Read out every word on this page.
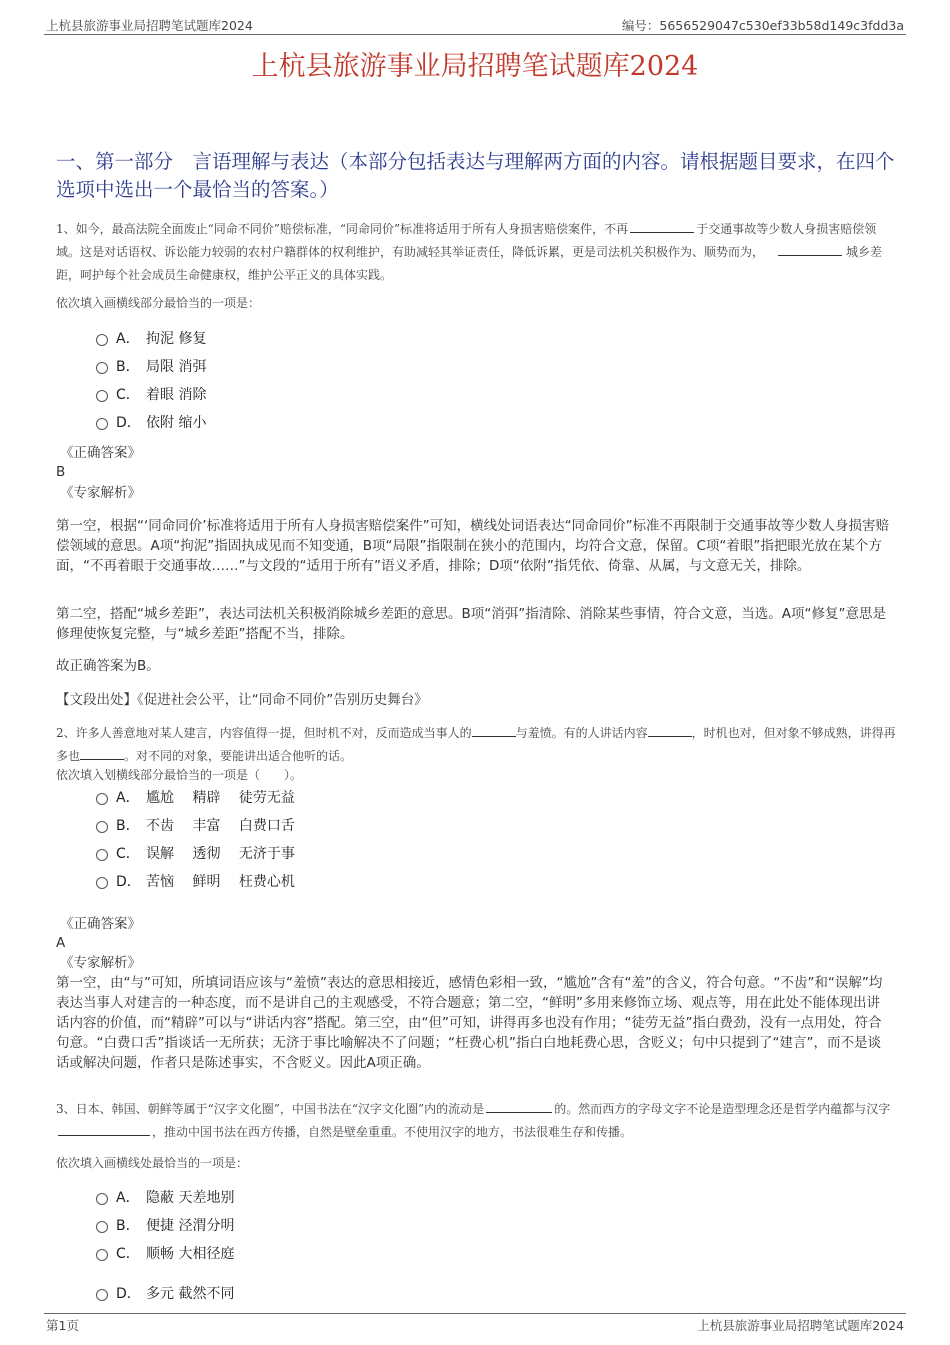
上杭县旅游事业局招聘笔试题库2024	编号：5656529047c530ef33b58d149c3fdd3a
上杭县旅游事业局招聘笔试题库2024
一、第一部分　言语理解与表达（本部分包括表达与理解两方面的内容。请根据题目要求，在四个选项中选出一个最恰当的答案。）
1、如今，最高法院全面废止“同命不同价”赔偿标准，“同命同价”标准将适用于所有人身损害赔偿案件，不再	于交通事故等少数人身损害赔偿领域。这是对话语权、诉讼能力较弱的农村户籍群体的权利维护，有助减轻其举证责任，降低诉累，更是司法机关积极作为、顺势而为，	城乡差距，呵护每个社会成员生命健康权，维护公平正义的具体实践。
依次填入画横线部分最恰当的一项是：
A． 拘泥 修复
B． 局限 消弭
C． 着眼 消除
D． 依附 缩小
《正确答案》
B
《专家解析》
第一空，根据“‘同命同价’标准将适用于所有人身损害赔偿案件”可知，横线处词语表达“同命同价”标准不再限制于交通事故等少数人身损害赔偿领域的意思。A项“拘泥”指固执成见而不知变通，B项“局限”指限制在狭小的范围内，均符合文意，保留。C项“着眼”指把眼光放在某个方面，“不再着眼于交通事故……”与文段的“适用于所有”语义矛盾，排除；D项“依附”指凭依、倚靠、从属，与文意无关，排除。
第二空，搭配“城乡差距”，表达司法机关积极消除城乡差距的意思。B项“消弭”指清除、消除某些事情，符合文意，当选。A项“修复”意思是修理使恢复完整，与“城乡差距”搭配不当，排除。
故正确答案为B。
【文段出处】《促进社会公平，让“同命不同价”告别历史舞台》
2、许多人善意地对某人建言，内容值得一提，但时机不对，反而造成当事人的	与羞愤。有的人讲话内容	，时机也对，但对象不够成熟，讲得再多也	。对不同的对象，要能讲出适合他听的话。
依次填入划横线部分最恰当的一项是（　　）。
A． 尴尬　 精辟　 徒劳无益
B． 不齿　 丰富　 白费口舌
C． 误解　 透彻　 无济于事
D． 苦恼　 鲜明　 枉费心机
《正确答案》
A
《专家解析》
第一空，由“与”可知，所填词语应该与“羞愤”表达的意思相接近，感情色彩相一致，“尴尬”含有“羞”的含义，符合句意。“不齿”和“误解”均表达当事人对建言的一种态度，而不是讲自己的主观感受，不符合题意；第二空，“鲜明”多用来修饰立场、观点等，用在此处不能体现出讲话内容的价值，而“精辟”可以与“讲话内容”搭配。第三空，由“但”可知，讲得再多也没有作用；“徒劳无益”指白费劲，没有一点用处，符合句意。“白费口舌”指谈话一无所获；无济于事比喻解决不了问题；“枉费心机”指白白地耗费心思，含贬义；句中只提到了“建言”，而不是谈话或解决问题，作者只是陈述事实，不含贬义。因此A项正确。
3、日本、韩国、朝鲜等属于“汉字文化圈”，中国书法在“汉字文化圈”内的流动是	的。然而西方的字母文字不论是造型理念还是哲学内蕴都与汉字，推动中国书法在西方传播，自然是壁垒重重。不使用汉字的地方，书法很难生存和传播。
依次填入画横线处最恰当的一项是：
A． 隐蔽 天差地别
B． 便捷 泾渭分明
C． 顺畅 大相径庭
D． 多元 截然不同
第1页	上杭县旅游事业局招聘笔试题库2024
